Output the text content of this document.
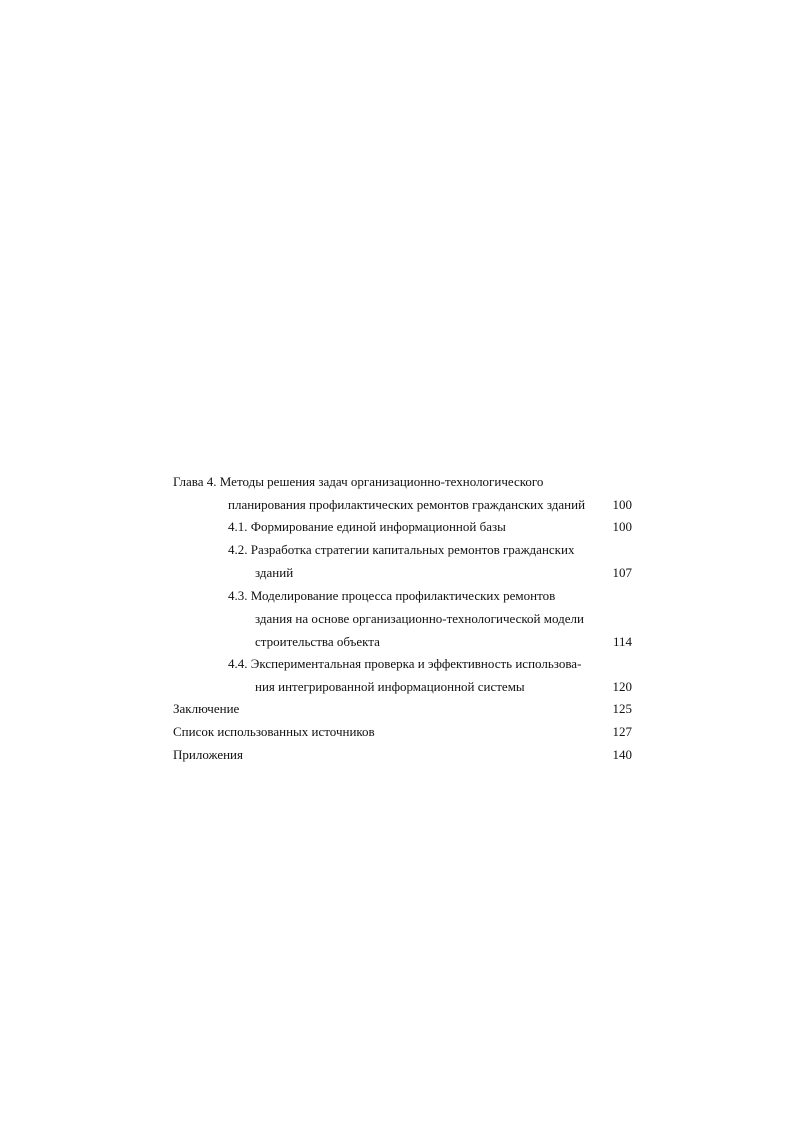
Глава 4. Методы решения задач организационно-технологического
планирования профилактических ремонтов гражданских зданий	100
4.1. Формирование единой информационной базы	100
4.2. Разработка стратегии капитальных ремонтов гражданских
зданий	107
4.3. Моделирование процесса профилактических ремонтов
здания на основе организационно-технологической модели
строительства объекта	114
4.4. Экспериментальная проверка и эффективность использова-
ния интегрированной информационной системы	120
Заключение	125
Список использованных источников	127
Приложения	140
